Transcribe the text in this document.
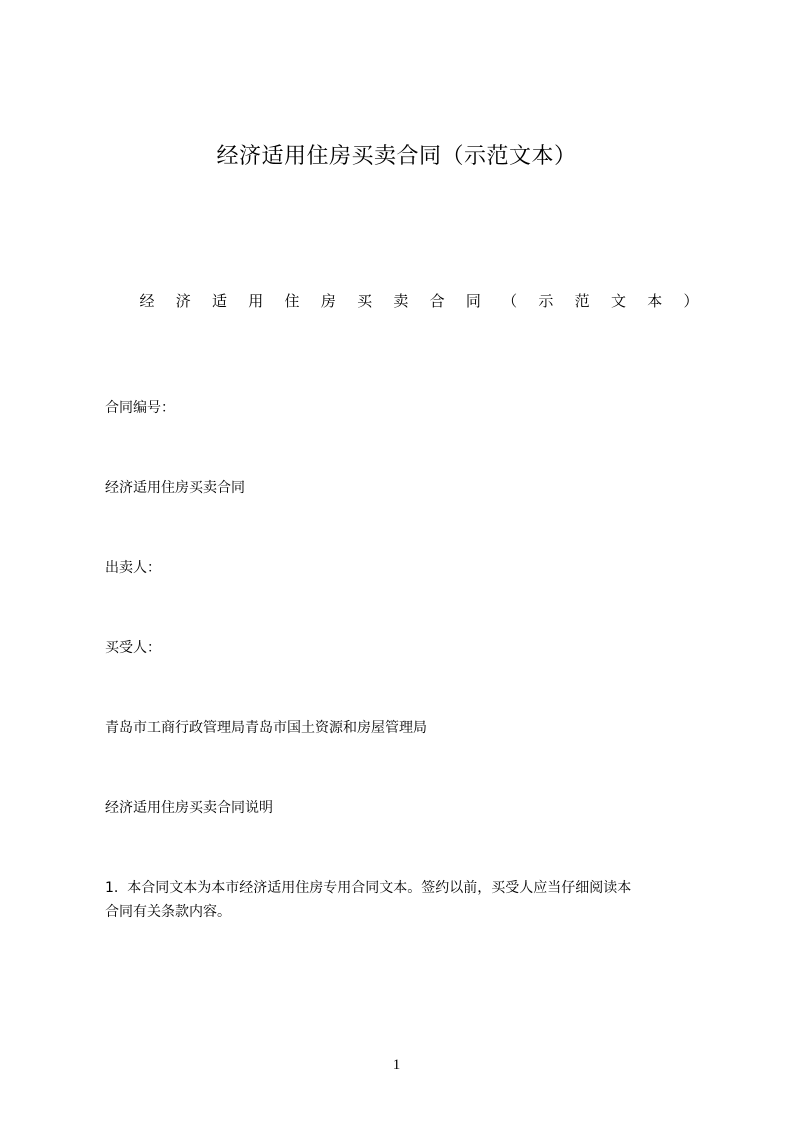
经济适用住房买卖合同（示范文本）
经 济 适 用 住 房 买 卖 合 同 （ 示 范 文 本 ）
合同编号：
经济适用住房买卖合同
出卖人：
买受人：
青岛市工商行政管理局青岛市国土资源和房屋管理局
经济适用住房买卖合同说明
1. 本合同文本为本市经济适用住房专用合同文本。签约以前，买受人应当仔细阅读本
合同有关条款内容。
1
